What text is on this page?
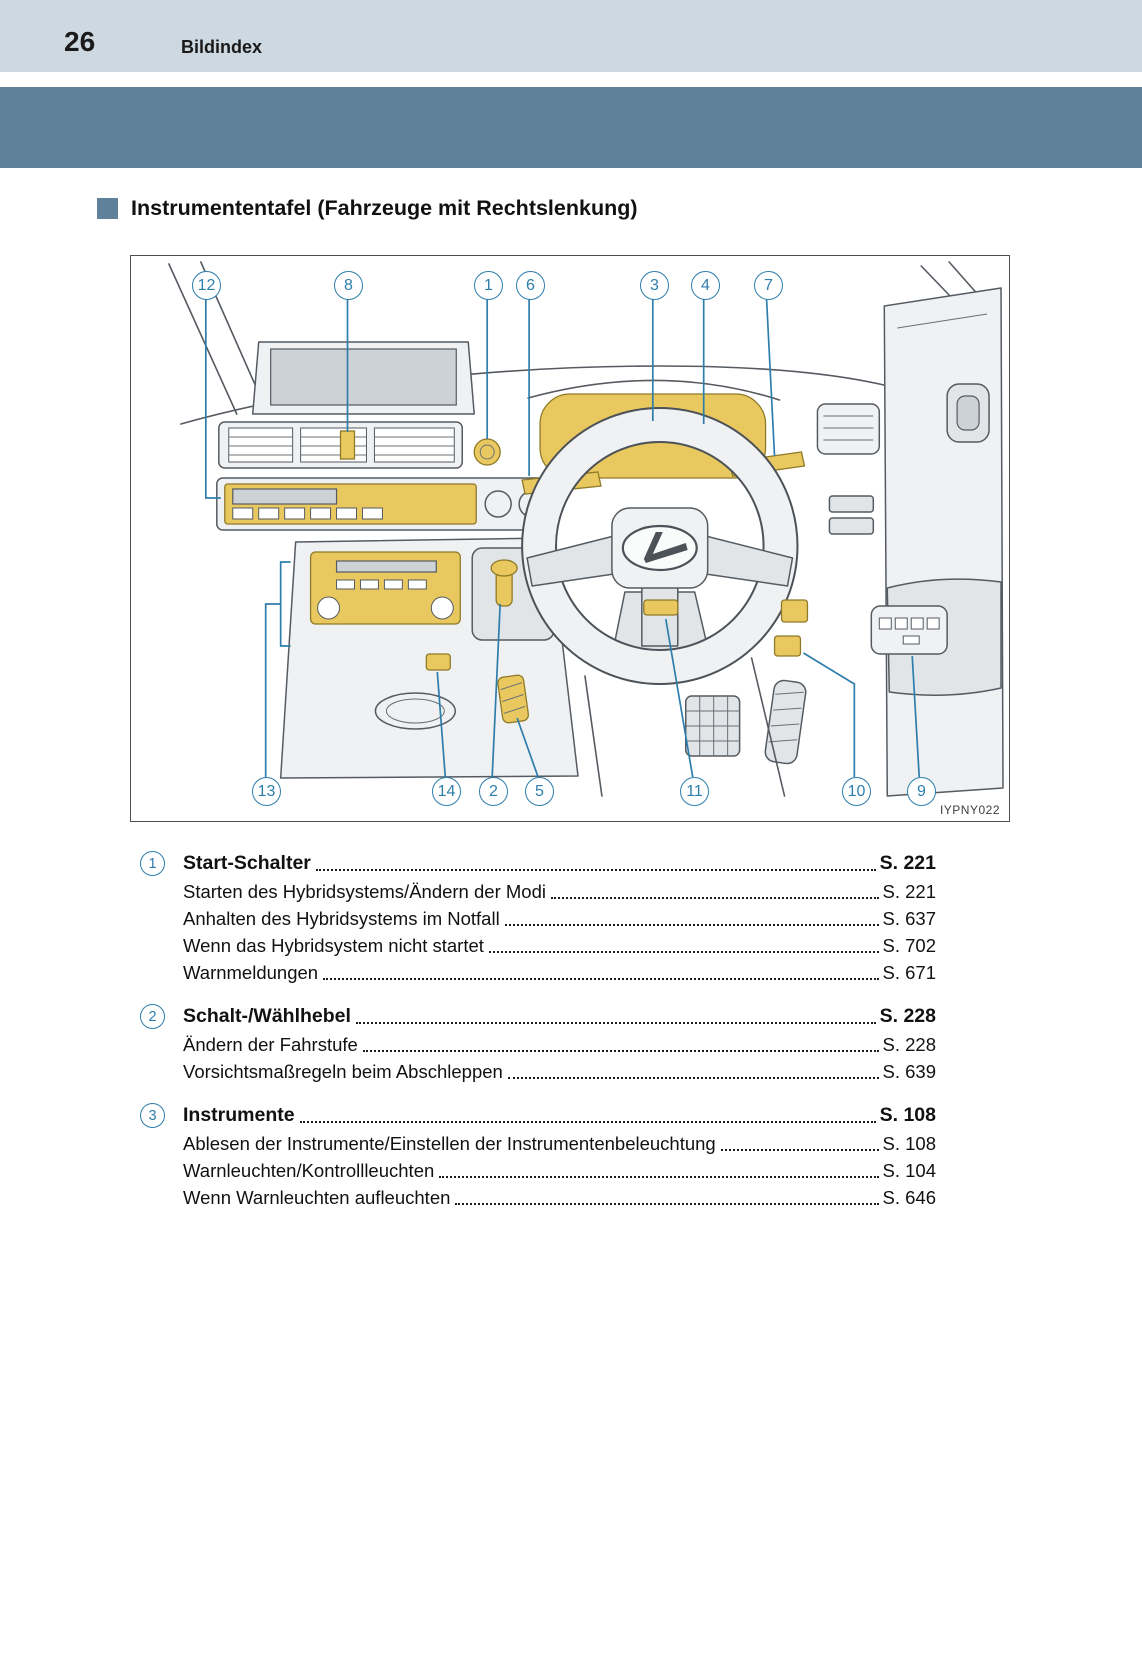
26	Bildindex
Instrumententafel (Fahrzeuge mit Rechtslenkung)
12	8	1	6	3	4	7
13	14	2	5	11	10	9
IYPNY022
1	Start-Schalter	S. 221
Starten des Hybridsystems/Ändern der Modi	S. 221
Anhalten des Hybridsystems im Notfall	S. 637
Wenn das Hybridsystem nicht startet	S. 702
Warnmeldungen	S. 671
2	Schalt-/Wählhebel	S. 228
Ändern der Fahrstufe	S. 228
Vorsichtsmaßregeln beim Abschleppen	S. 639
3	Instrumente	S. 108
Ablesen der Instrumente/Einstellen der Instrumentenbeleuchtung	S. 108
Warnleuchten/Kontrollleuchten	S. 104
Wenn Warnleuchten aufleuchten	S. 646
